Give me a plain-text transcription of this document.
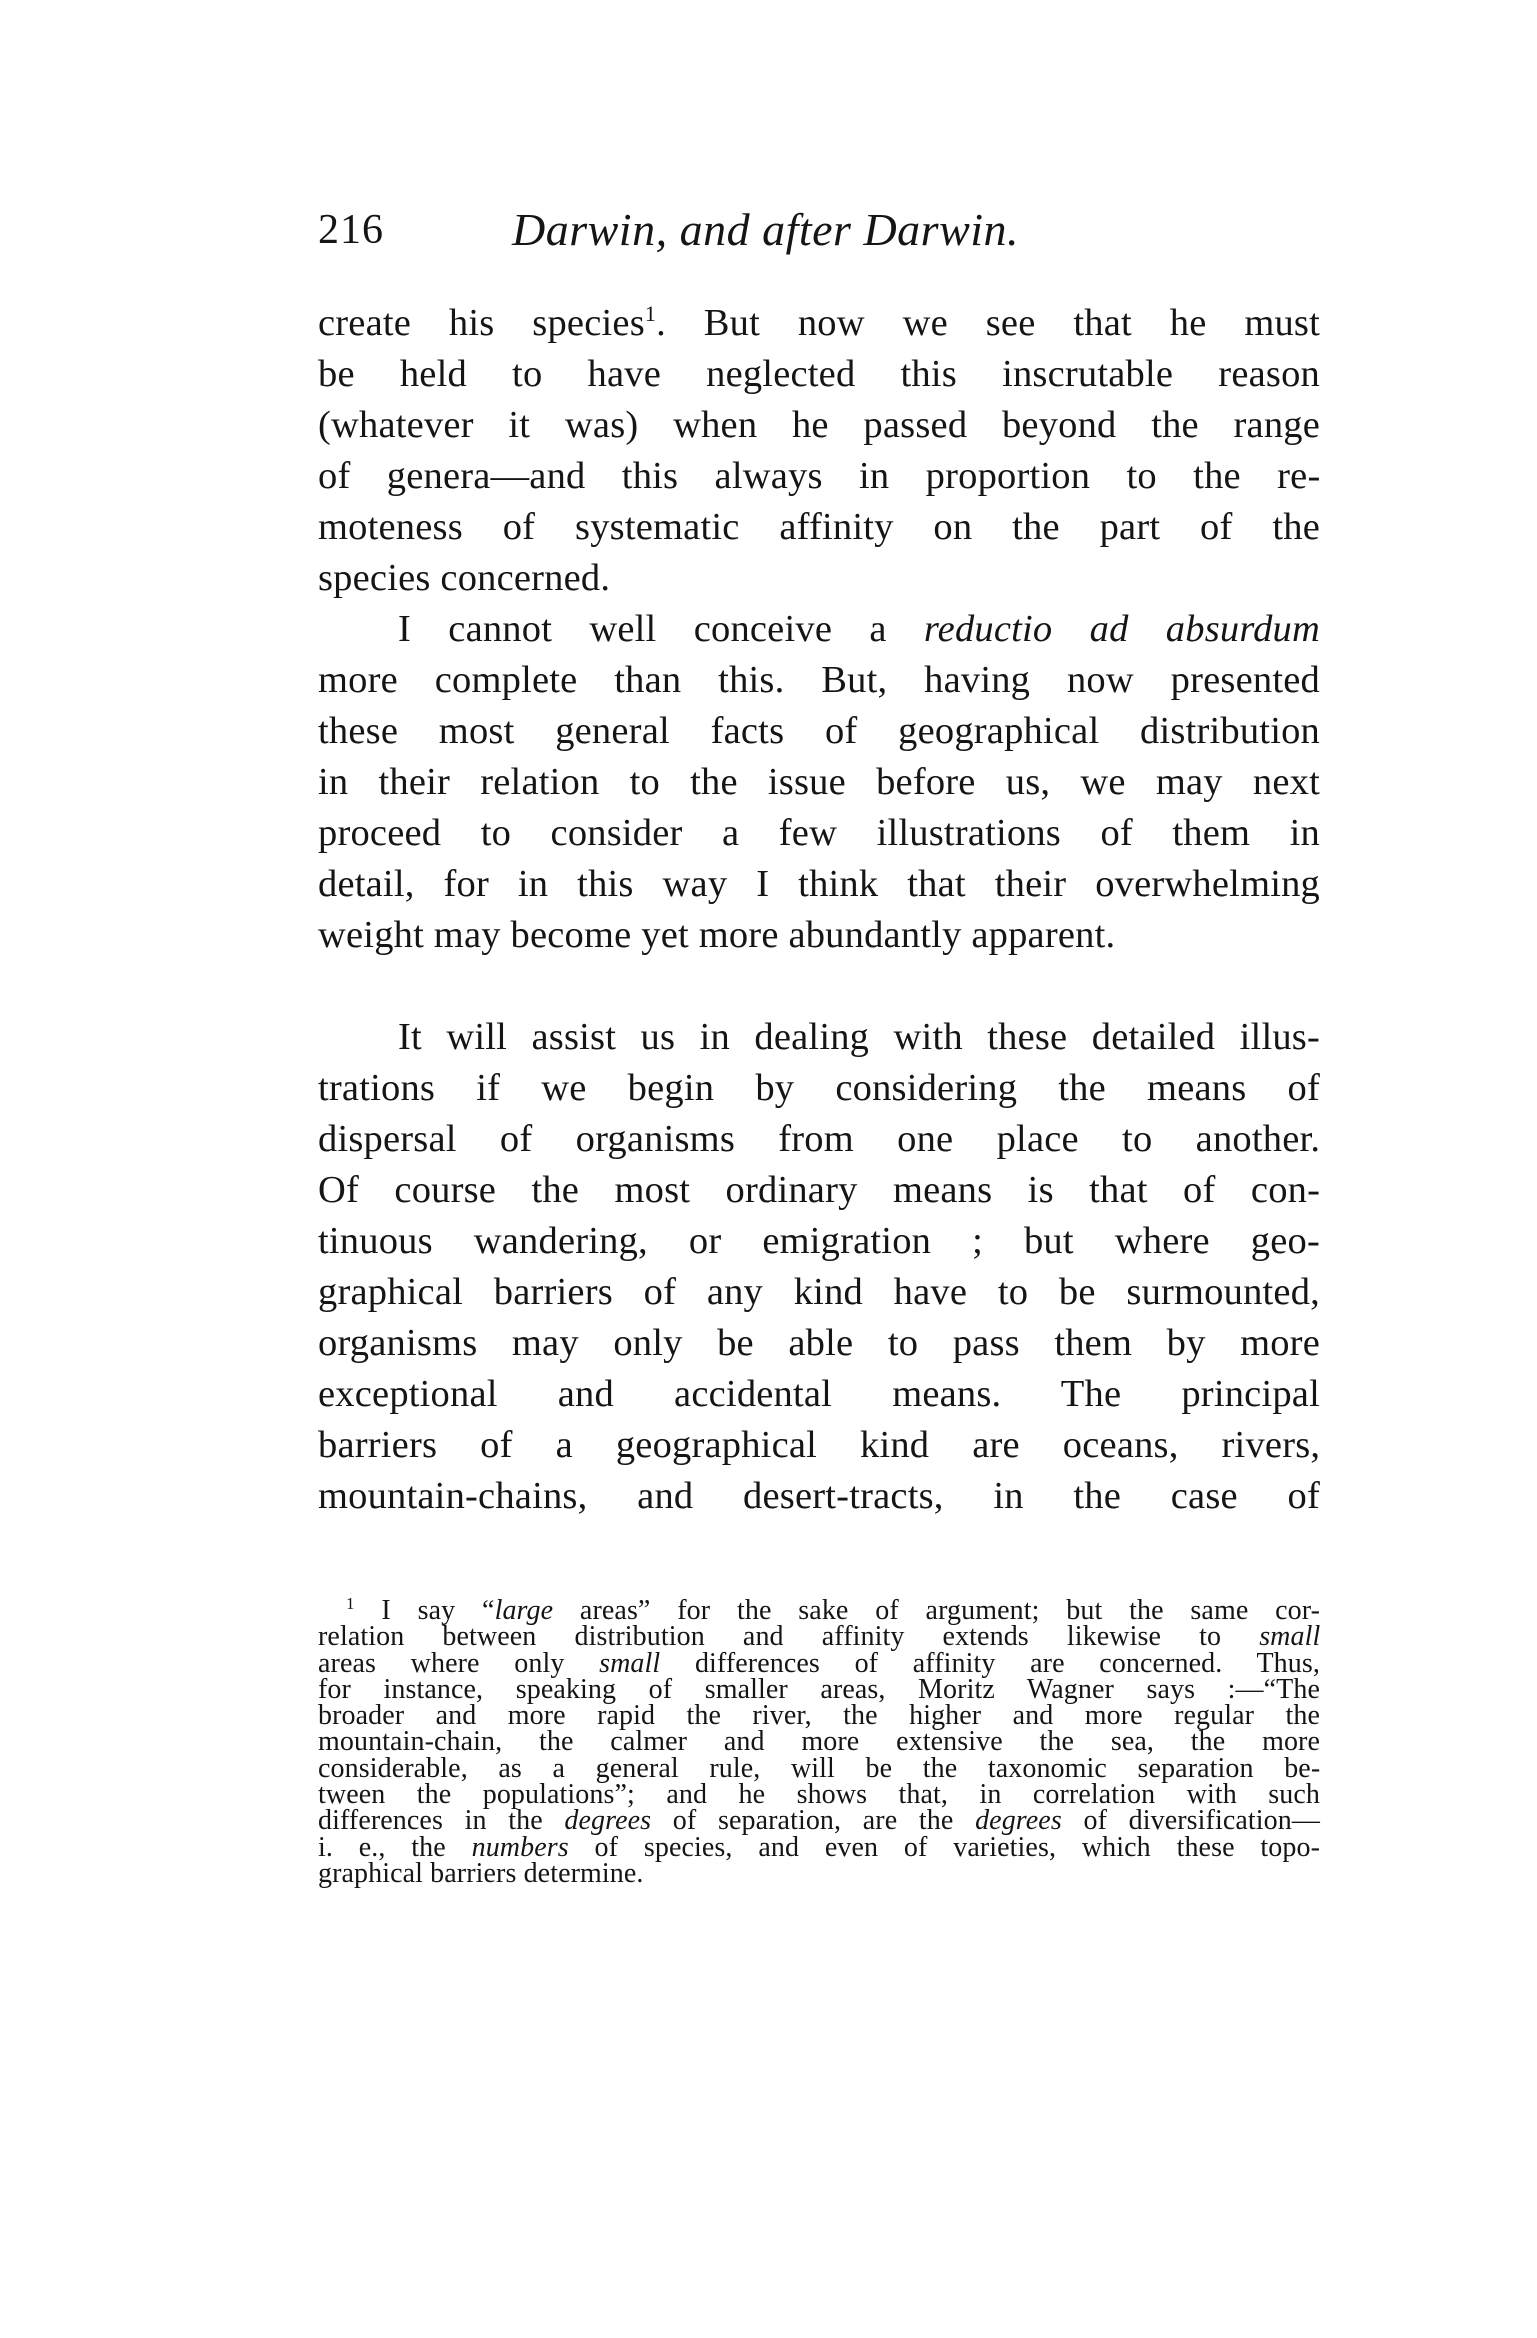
216	Darwin, and after Darwin.
create his species$^1$. But now we see that he must
be held to have neglected this inscrutable reason
(whatever it was) when he passed beyond the range
of genera—and this always in proportion to the re-
moteness of systematic affinity on the part of the
species concerned.
I cannot well conceive a reductio ad absurdum
more complete than this. But, having now presented
these most general facts of geographical distribution
in their relation to the issue before us, we may next
proceed to consider a few illustrations of them in
detail, for in this way I think that their overwhelming
weight may become yet more abundantly apparent.
It will assist us in dealing with these detailed illus-
trations if we begin by considering the means of
dispersal of organisms from one place to another.
Of course the most ordinary means is that of con-
tinuous wandering, or emigration ; but where geo-
graphical barriers of any kind have to be surmounted,
organisms may only be able to pass them by more
exceptional and accidental means. The principal
barriers of a geographical kind are oceans, rivers,
mountain-chains, and desert-tracts, in the case of
$^1$ I say “large areas” for the sake of argument; but the same cor-
relation between distribution and affinity extends likewise to small
areas where only small differences of affinity are concerned. Thus,
for instance, speaking of smaller areas, Moritz Wagner says :—“The
broader and more rapid the river, the higher and more regular the
mountain-chain, the calmer and more extensive the sea, the more
considerable, as a general rule, will be the taxonomic separation be-
tween the populations”; and he shows that, in correlation with such
differences in the degrees of separation, are the degrees of diversification—
i. e., the numbers of species, and even of varieties, which these topo-
graphical barriers determine.
